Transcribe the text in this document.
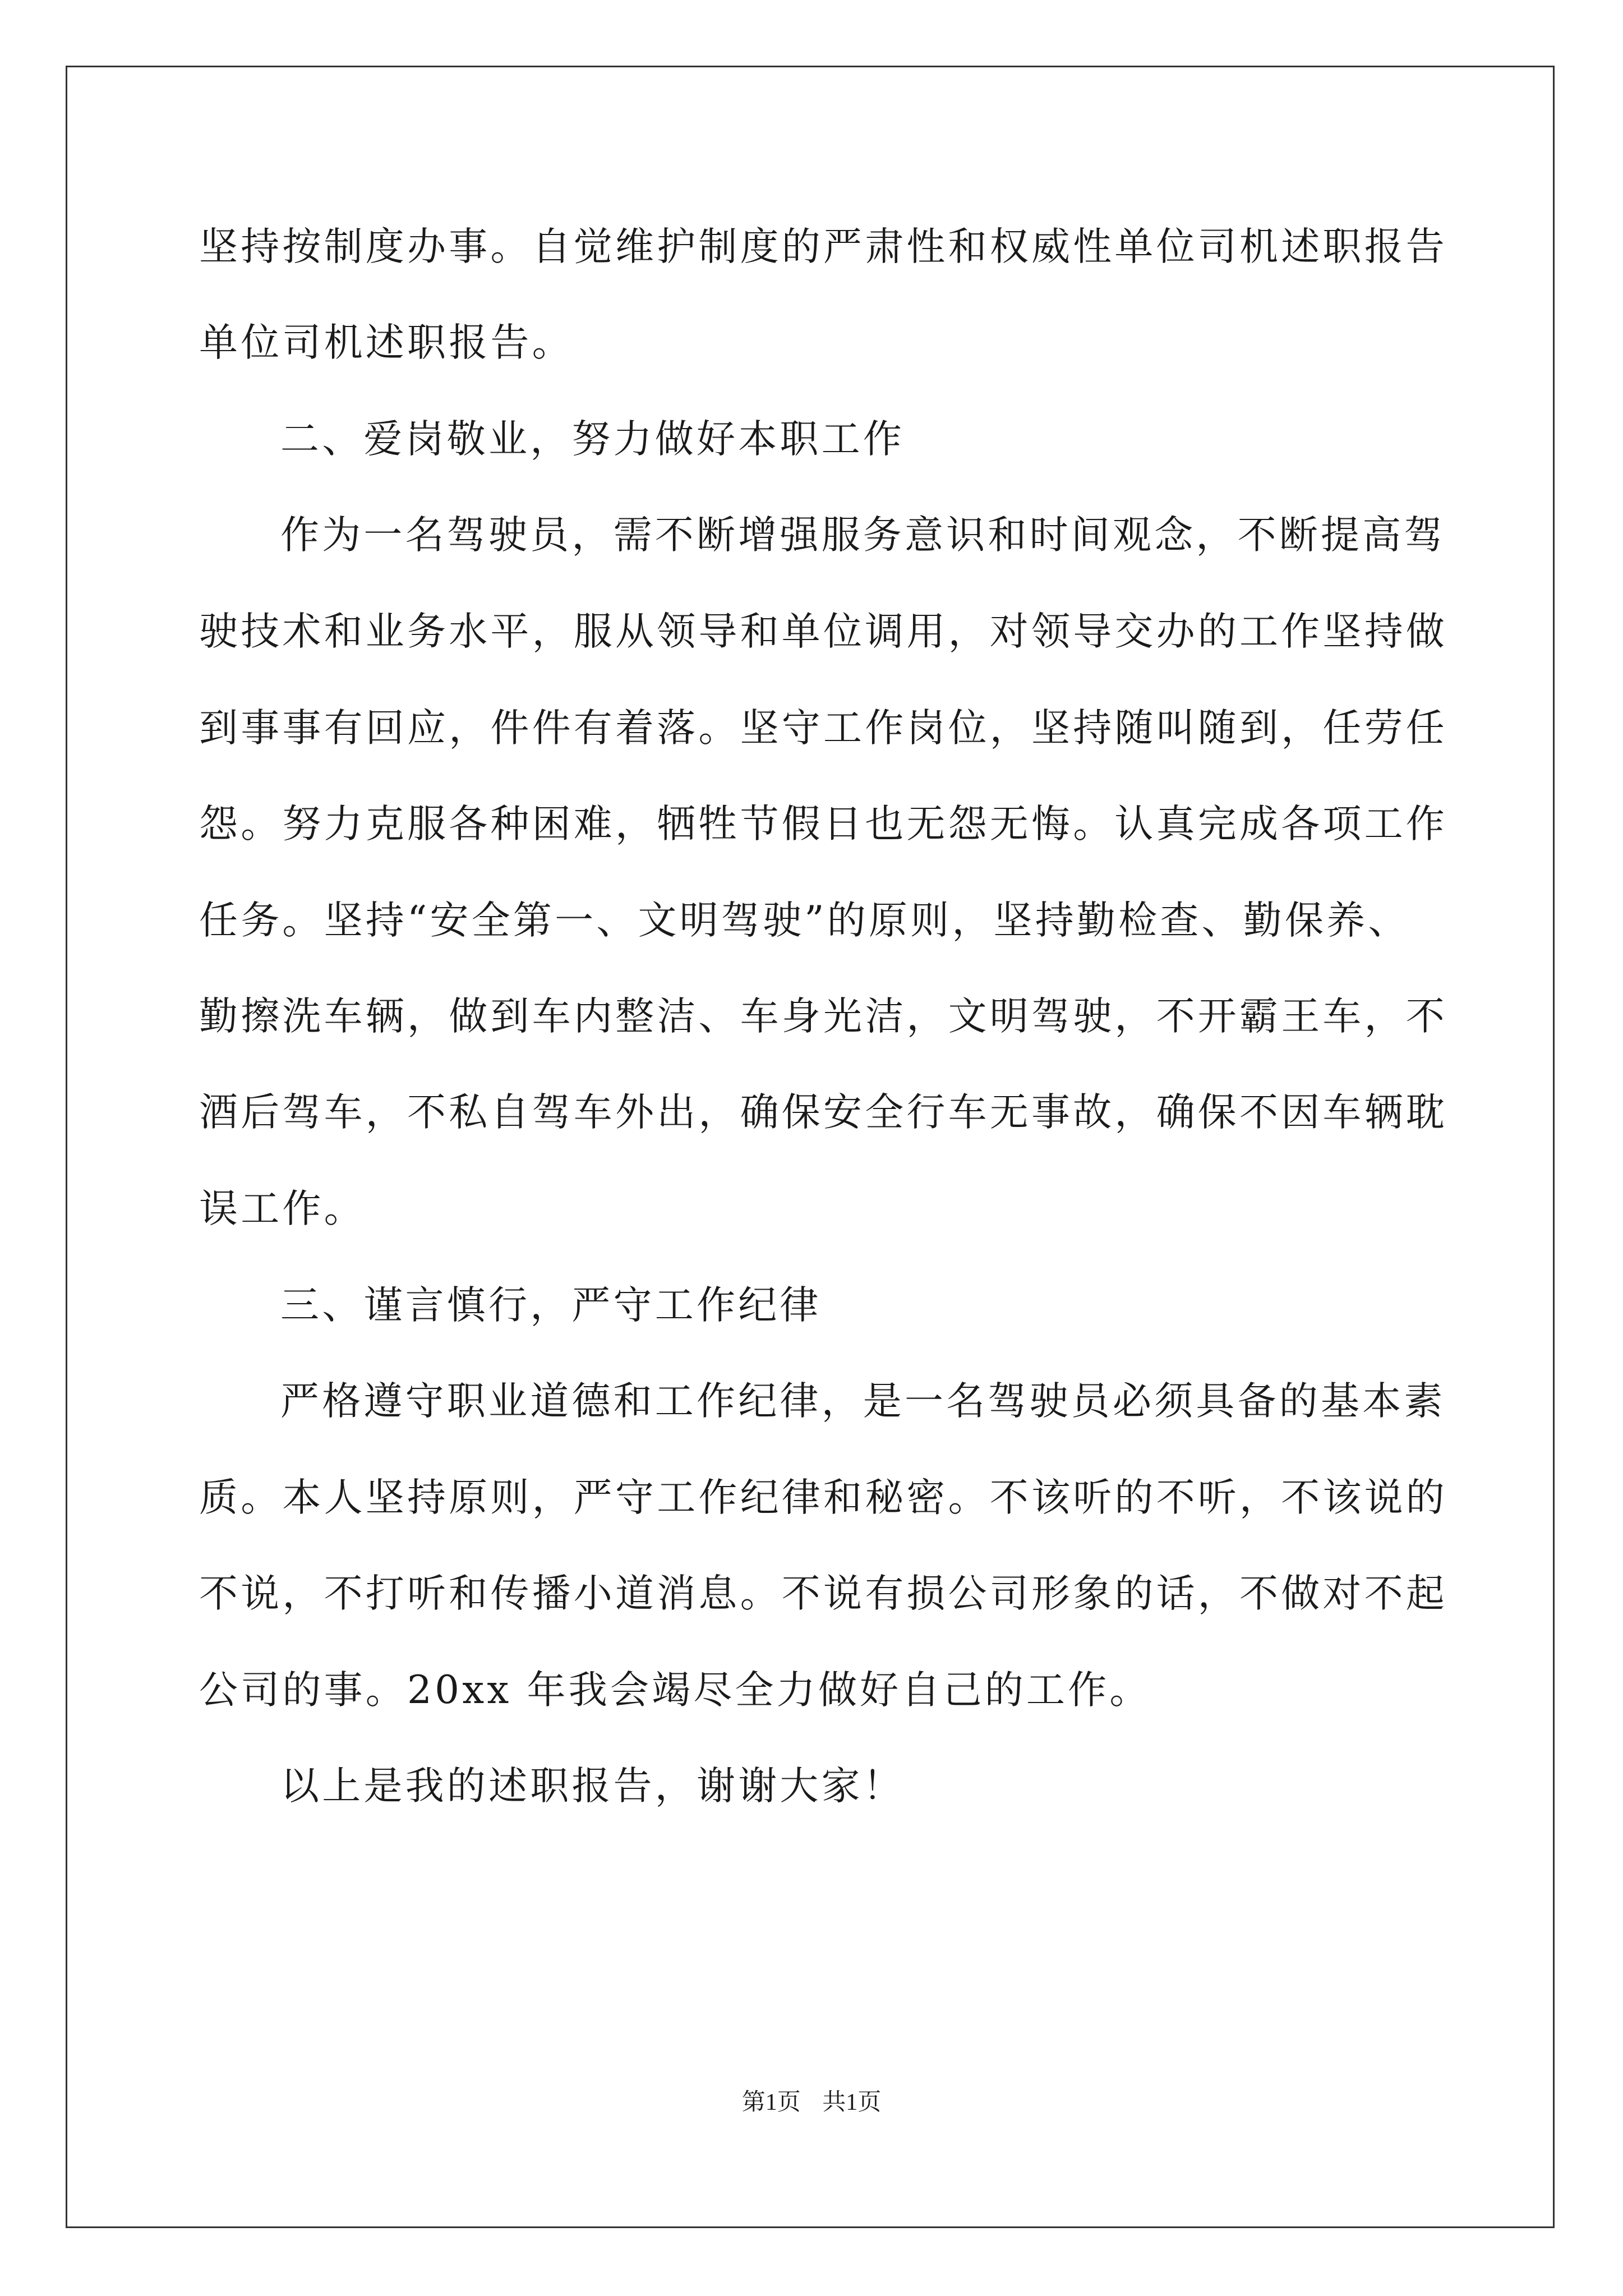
坚持按制度办事。自觉维护制度的严肃性和权威性单位司机述职报告
单位司机述职报告。
二、爱岗敬业，努力做好本职工作
作为一名驾驶员，需不断增强服务意识和时间观念，不断提高驾
驶技术和业务水平，服从领导和单位调用，对领导交办的工作坚持做
到事事有回应，件件有着落。坚守工作岗位，坚持随叫随到，任劳任
怨。努力克服各种困难，牺牲节假日也无怨无悔。认真完成各项工作
任务。坚持“安全第一、文明驾驶”的原则，坚持勤检查、勤保养、
勤擦洗车辆，做到车内整洁、车身光洁，文明驾驶，不开霸王车，不
酒后驾车，不私自驾车外出，确保安全行车无事故，确保不因车辆耽
误工作。
三、谨言慎行，严守工作纪律
严格遵守职业道德和工作纪律，是一名驾驶员必须具备的基本素
质。本人坚持原则，严守工作纪律和秘密。不该听的不听，不该说的
不说，不打听和传播小道消息。不说有损公司形象的话，不做对不起
公司的事。20xx 年我会竭尽全力做好自己的工作。
以上是我的述职报告，谢谢大家！
第1页 共1页
